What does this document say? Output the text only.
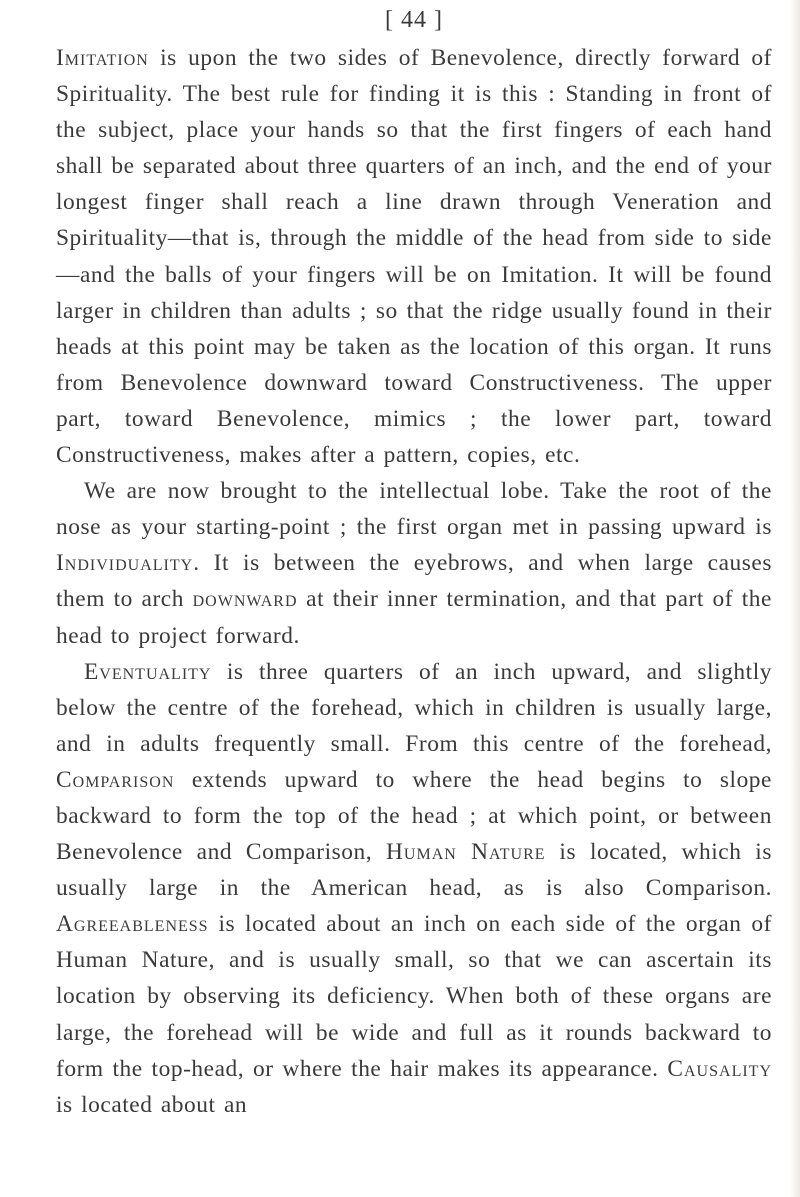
[ 44 ]

Imitation is upon the two sides of Benevolence, directly forward of Spirituality. The best rule for finding it is this : Standing in front of the subject, place your hands so that the first fingers of each hand shall be separated about three quarters of an inch, and the end of your longest finger shall reach a line drawn through Veneration and Spirituality—that is, through the middle of the head from side to side—and the balls of your fingers will be on Imitation. It will be found larger in children than adults ; so that the ridge usually found in their heads at this point may be taken as the location of this organ. It runs from Benevolence downward toward Constructiveness. The upper part, toward Benevolence, mimics ; the lower part, toward Constructiveness, makes after a pattern, copies, etc.

We are now brought to the intellectual lobe. Take the root of the nose as your starting-point ; the first organ met in passing upward is Individuality. It is between the eyebrows, and when large causes them to arch downward at their inner termination, and that part of the head to project forward.

Eventuality is three quarters of an inch upward, and slightly below the centre of the forehead, which in children is usually large, and in adults frequently small. From this centre of the forehead, Comparison extends upward to where the head begins to slope backward to form the top of the head ; at which point, or between Benevolence and Comparison, Human Nature is located, which is usually large in the American head, as is also Comparison. Agreeableness is located about an inch on each side of the organ of Human Nature, and is usually small, so that we can ascertain its location by observing its deficiency. When both of these organs are large, the forehead will be wide and full as it rounds backward to form the top-head, or where the hair makes its appearance. Causality is located about an
